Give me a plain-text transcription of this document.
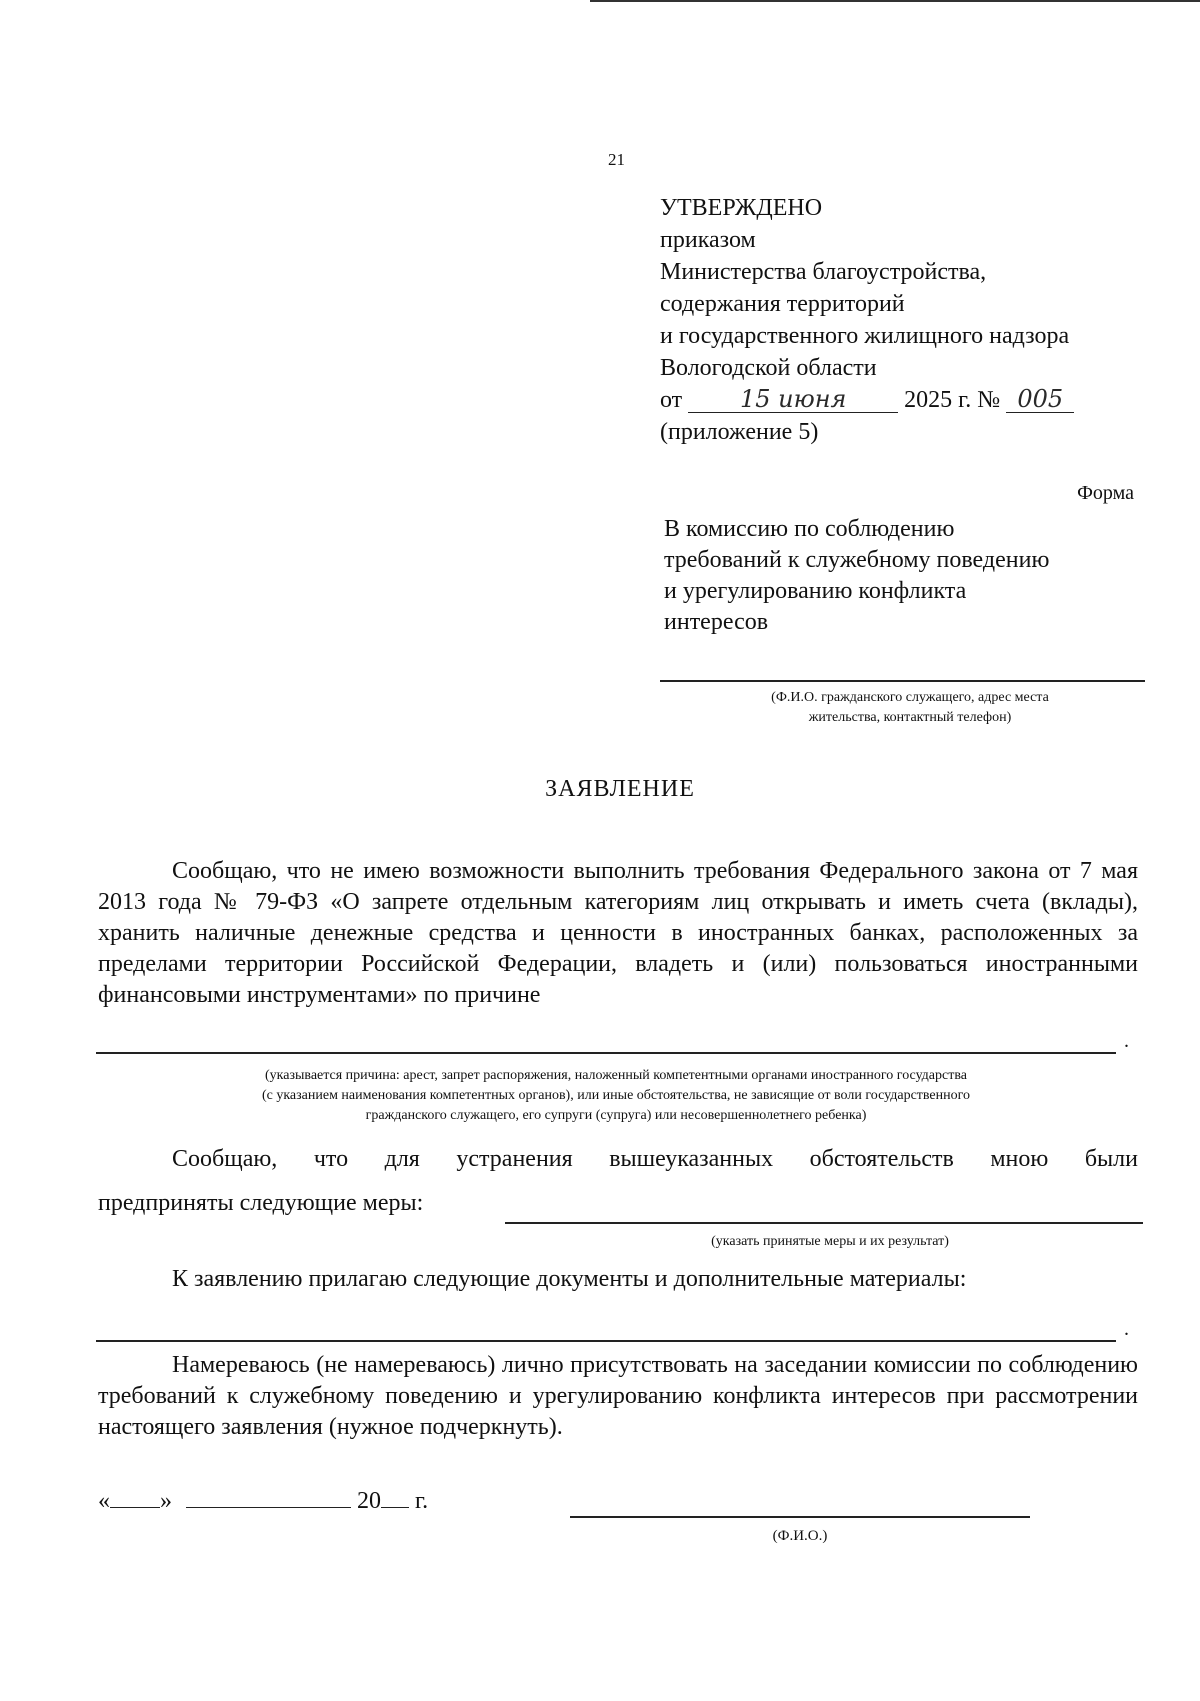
21
УТВЕРЖДЕНО
приказом
Министерства благоустройства,
содержания территорий
и государственного жилищного надзора
Вологодской области
от 15 июня 2025 г. № 005
(приложение 5)
Форма
В комиссию по соблюдению
требований к служебному поведению
и урегулированию конфликта
интересов
(Ф.И.О. гражданского служащего, адрес места
жительства, контактный телефон)
ЗАЯВЛЕНИЕ
Сообщаю, что не имею возможности выполнить требования Федерального закона от 7 мая 2013 года № 79-ФЗ «О запрете отдельным категориям лиц открывать и иметь счета (вклады), хранить наличные денежные средства и ценности в иностранных банках, расположенных за пределами территории Российской Федерации, владеть и (или) пользоваться иностранными финансовыми инструментами» по причине
.
(указывается причина: арест, запрет распоряжения, наложенный компетентными органами иностранного государства
(с указанием наименования компетентных органов), или иные обстоятельства, не зависящие от воли государственного
гражданского служащего, его супруги (супруга) или несовершеннолетнего ребенка)
Сообщаю, что для устранения вышеуказанных обстоятельств мною были
предприняты следующие меры:
(указать принятые меры и их результат)
К заявлению прилагаю следующие документы и дополнительные материалы:
.
Намереваюсь (не намереваюсь) лично присутствовать на заседании комиссии по соблюдению требований к служебному поведению и урегулированию конфликта интересов при рассмотрении настоящего заявления (нужное подчеркнуть).
« »	20 г.
(Ф.И.О.)
